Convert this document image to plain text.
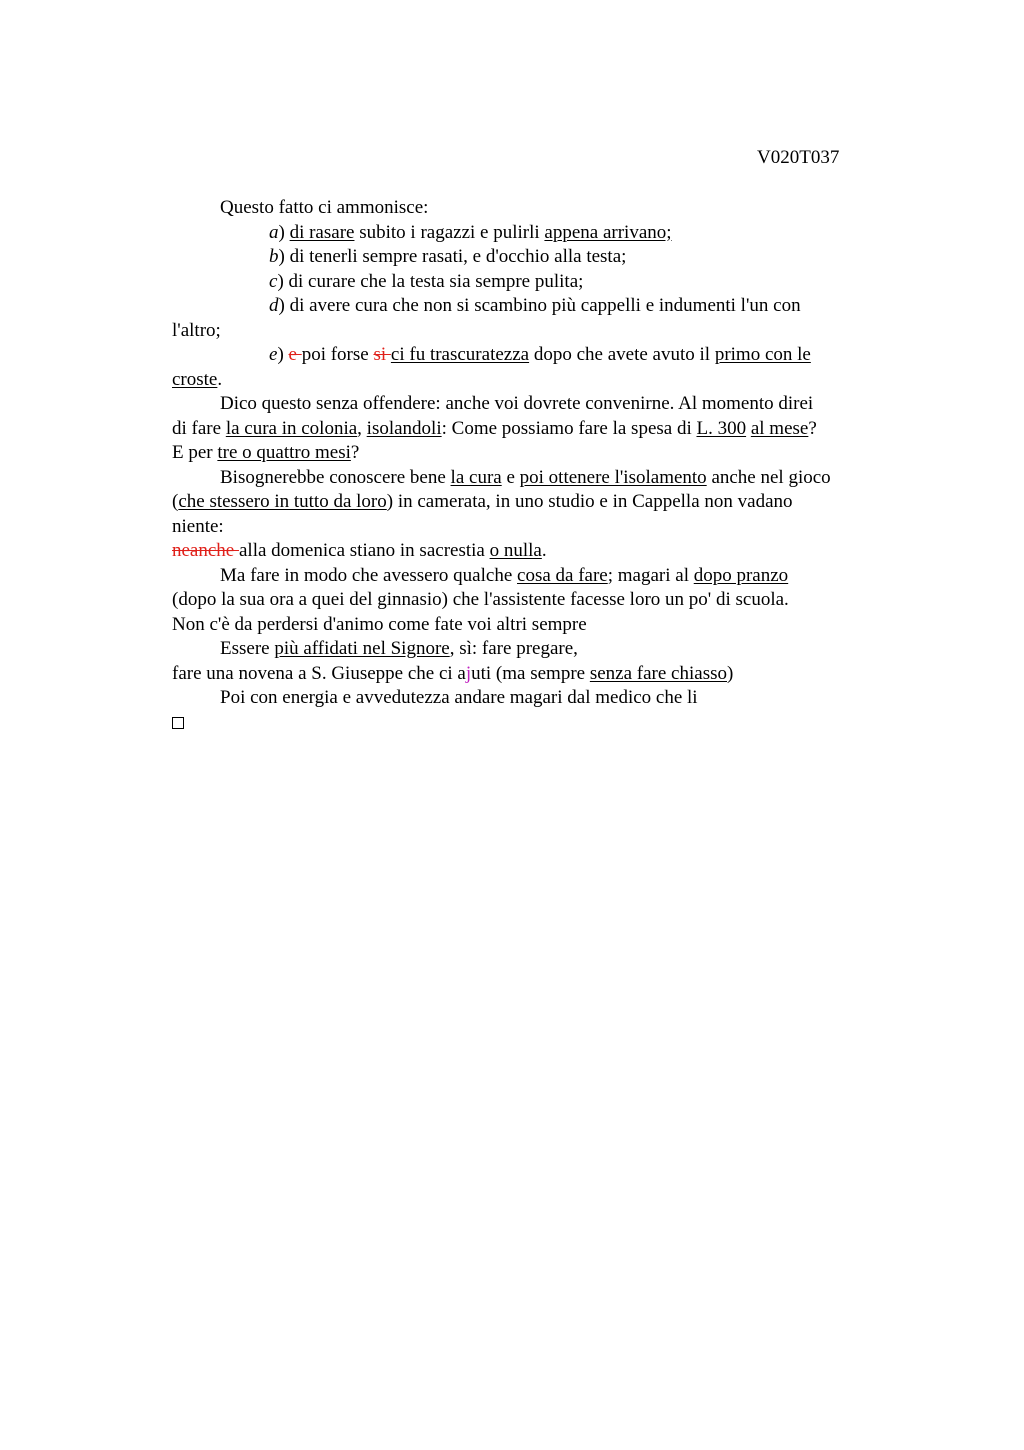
V020T037
Questo fatto ci ammonisce:
a) di rasare subito i ragazzi e pulirli appena arrivano;
b) di tenerli sempre rasati, e d'occhio alla testa;
c) di curare che la testa sia sempre pulita;
d) di avere cura che non si scambino più cappelli e indumenti l'un con
l'altro;
e) e poi forse si ci fu trascuratezza dopo che avete avuto il primo con le
croste.
Dico questo senza offendere: anche voi dovrete convenirne. Al momento direi
di fare la cura in colonia, isolandoli: Come possiamo fare la spesa di L. 300 al mese?
E per tre o quattro mesi?
Bisognerebbe conoscere bene la cura e poi ottenere l'isolamento anche nel gioco
(che stessero in tutto da loro) in camerata, in uno studio e in Cappella non vadano
niente:
neanche alla domenica stiano in sacrestia o nulla.
Ma fare in modo che avessero qualche cosa da fare; magari al dopo pranzo
(dopo la sua ora a quei del ginnasio) che l'assistente facesse loro un po' di scuola.
Non c'è da perdersi d'animo come fate voi altri sempre
Essere più affidati nel Signore, sì: fare pregare,
fare una novena a S. Giuseppe che ci ajuti (ma sempre senza fare chiasso)
Poi con energia e avvedutezza andare magari dal medico che li
